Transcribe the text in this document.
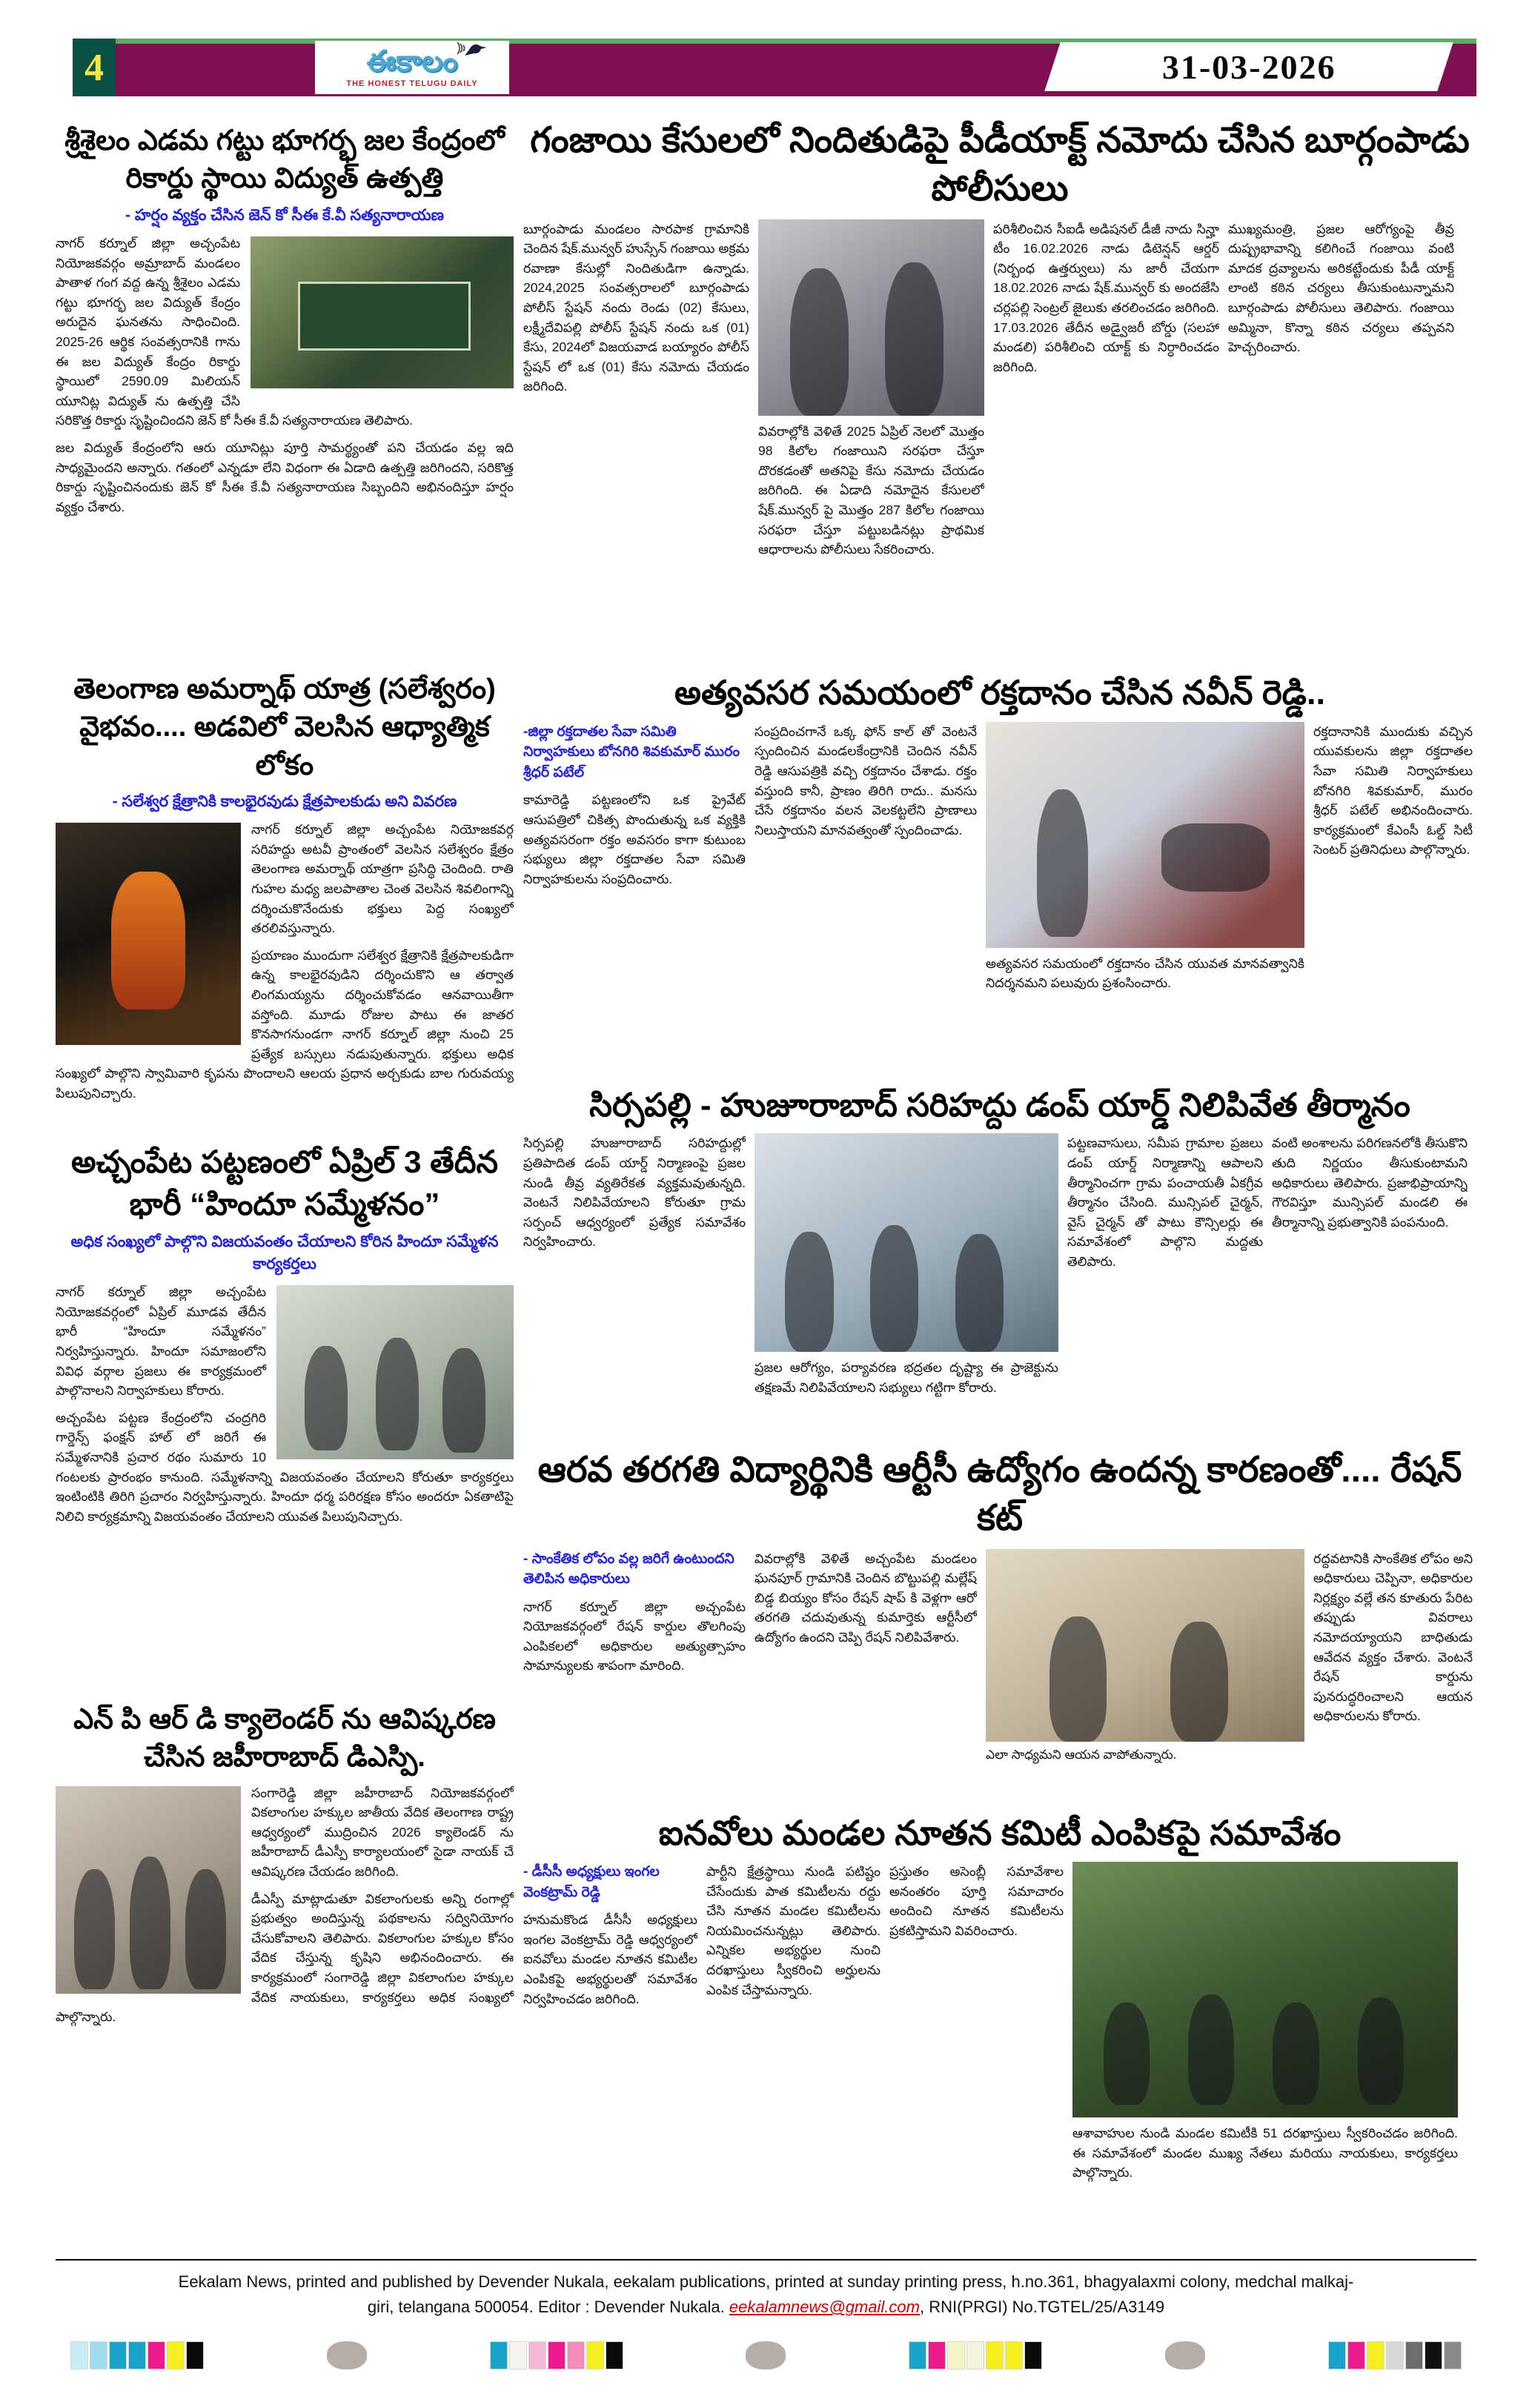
4	ఈకాలం
THE HONEST TELUGU DAILY	31-03-2026
శ్రీశైలం ఎడమ గట్టు భూగర్భ జల కేంద్రంలో రికార్డు స్థాయి విద్యుత్ ఉత్పత్తి
- హర్షం వ్యక్తం చేసిన జెన్ కో సీఈ కే.వీ సత్యనారాయణ

నాగర్ కర్నూల్ జిల్లా అచ్చంపేట నియోజకవర్గం అమ్రాబాద్ మండలం పాతాళ గంగ వద్ద ఉన్న శ్రీశైలం ఎడమ గట్టు భూగర్భ జల విద్యుత్ కేంద్రం అరుదైన ఘనతను సాధించింది. 2025-26 ఆర్థిక సంవత్సరానికి గాను ఈ జల విద్యుత్ కేంద్రం రికార్డు స్థాయిలో 2590.09 మిలియన్ యూనిట్ల విద్యుత్ ను ఉత్పత్తి చేసి సరికొత్త రికార్డు సృష్టించిందని జెన్ కో సీఈ కే.వీ సత్యనారాయణ తెలిపారు.

జల విద్యుత్ కేంద్రంలోని ఆరు యూనిట్లు పూర్తి సామర్థ్యంతో పని చేయడం వల్ల ఇది సాధ్యమైందని అన్నారు. గతంలో ఎన్నడూ లేని విధంగా ఈ ఏడాది ఉత్పత్తి జరిగిందని, సరికొత్త రికార్డు సృష్టించినందుకు జెన్ కో సీఈ కే.వీ సత్యనారాయణ సిబ్బందిని అభినందిస్తూ హర్షం వ్యక్తం చేశారు.

తెలంగాణ అమర్నాథ్ యాత్ర (సలేశ్వరం) వైభవం.... అడవిలో వెలసిన ఆధ్యాత్మిక లోకం
- సలేశ్వర క్షేత్రానికి కాలభైరవుడు క్షేత్రపాలకుడు అని వివరణ

నాగర్ కర్నూల్ జిల్లా అచ్చంపేట నియోజకవర్గ సరిహద్దు అటవీ ప్రాంతంలో వెలసిన సలేశ్వరం క్షేత్రం తెలంగాణ అమర్నాథ్ యాత్రగా ప్రసిద్ధి చెందింది. రాతి గుహల మధ్య జలపాతాల చెంత వెలసిన శివలింగాన్ని దర్శించుకొనేందుకు భక్తులు పెద్ద సంఖ్యలో తరలివస్తున్నారు.

ప్రయాణం ముందుగా సలేశ్వర క్షేత్రానికి క్షేత్రపాలకుడిగా ఉన్న కాలభైరవుడిని దర్శించుకొని ఆ తర్వాత లింగమయ్యను దర్శించుకోవడం ఆనవాయితీగా వస్తోంది. మూడు రోజుల పాటు ఈ జాతర కొనసాగనుండగా నాగర్ కర్నూల్ జిల్లా నుంచి 25 ప్రత్యేక బస్సులు నడుపుతున్నారు. భక్తులు అధిక సంఖ్యలో పాల్గొని స్వామివారి కృపను పొందాలని ఆలయ ప్రధాన అర్చకుడు బాల గురువయ్య పిలుపునిచ్చారు.

అచ్చంపేట పట్టణంలో ఏప్రిల్ 3 తేదీన భారీ “హిందూ సమ్మేళనం”
అధిక సంఖ్యలో పాల్గొని విజయవంతం చేయాలని కోరిన హిందూ సమ్మేళన కార్యకర్తలు

నాగర్ కర్నూల్ జిల్లా అచ్చంపేట నియోజకవర్గంలో ఏప్రిల్ మూడవ తేదీన భారీ “హిందూ సమ్మేళనం” నిర్వహిస్తున్నారు. హిందూ సమాజంలోని వివిధ వర్గాల ప్రజలు ఈ కార్యక్రమంలో పాల్గొనాలని నిర్వాహకులు కోరారు.

అచ్చంపేట పట్టణ కేంద్రంలోని చంద్రగిరి గార్డెన్స్ ఫంక్షన్ హాల్ లో జరిగే ఈ సమ్మేళనానికి ప్రచార రథం సుమారు 10 గంటలకు ప్రారంభం కానుంది. సమ్మేళనాన్ని విజయవంతం చేయాలని కోరుతూ కార్యకర్తలు ఇంటింటికి తిరిగి ప్రచారం నిర్వహిస్తున్నారు. హిందూ ధర్మ పరిరక్షణ కోసం అందరూ ఏకతాటిపై నిలిచి కార్యక్రమాన్ని విజయవంతం చేయాలని యువత పిలుపునిచ్చారు.

ఎన్ పి ఆర్ డి క్యాలెండర్ ను ఆవిష్కరణ చేసిన జహీరాబాద్ డిఎస్పి.

సంగారెడ్డి జిల్లా జహీరాబాద్ నియోజకవర్గంలో వికలాంగుల హక్కుల జాతీయ వేదిక తెలంగాణ రాష్ట్ర ఆధ్వర్యంలో ముద్రించిన 2026 క్యాలెండర్ ను జహీరాబాద్ డీఎస్పీ కార్యాలయంలో సైడా నాయక్ చే ఆవిష్కరణ చేయడం జరిగింది.

డీఎస్పీ మాట్లాడుతూ వికలాంగులకు అన్ని రంగాల్లో ప్రభుత్వం అందిస్తున్న పథకాలను సద్వినియోగం చేసుకోవాలని తెలిపారు. వికలాంగుల హక్కుల కోసం వేదిక చేస్తున్న కృషిని అభినందించారు. ఈ కార్యక్రమంలో సంగారెడ్డి జిల్లా వికలాంగుల హక్కుల వేదిక నాయకులు, కార్యకర్తలు అధిక సంఖ్యలో పాల్గొన్నారు.

గంజాయి కేసులలో నిందితుడిపై పీడీయాక్ట్ నమోదు చేసిన బూర్గంపాడు పోలీసులు
బూర్గంపాడు మండలం సారపాక గ్రామానికి చెందిన షేక్.మున్వర్ హుస్సేన్ గంజాయి అక్రమ రవాణా కేసుల్లో నిందితుడిగా ఉన్నాడు. 2024,2025 సంవత్సరాలలో బూర్గంపాడు పోలీస్ స్టేషన్ నందు రెండు (02) కేసులు, లక్ష్మీదేవిపల్లి పోలీస్ స్టేషన్ నందు ఒక (01) కేసు, 2024లో విజయవాడ బయ్యారం పోలీస్ స్టేషన్ లో ఒక (01) కేసు నమోదు చేయడం జరిగింది.
వివరాల్లోకి వెళితే 2025 ఏప్రిల్ నెలలో మొత్తం 98 కిలోల గంజాయిని సరఫరా చేస్తూ దొరకడంతో అతనిపై కేసు నమోదు చేయడం జరిగింది. ఈ ఏడాది నమోదైన కేసులలో షేక్.మున్వర్ పై మొత్తం 287 కిలోల గంజాయి సరఫరా చేస్తూ పట్టుబడినట్లు ప్రాథమిక ఆధారాలను పోలీసులు సేకరించారు.
పరిశీలించిన సీఐడీ అడిషనల్ డీజీ నాదు సిన్హా టీం 16.02.2026 నాడు డిటెన్షన్ ఆర్డర్ (నిర్బంధ ఉత్తర్వులు) ను జారీ చేయగా 18.02.2026 నాడు షేక్.మున్వర్ కు అందజేసి చర్లపల్లి సెంట్రల్ జైలుకు తరలించడం జరిగింది. 17.03.2026 తేదీన అడ్వైజరీ బోర్డు (సలహా మండలి) పరిశీలించి యాక్ట్ కు నిర్ధారించడం జరిగింది.
ముఖ్యమంత్రి, ప్రజల ఆరోగ్యంపై తీవ్ర దుష్ప్రభావాన్ని కలిగించే గంజాయి వంటి మాదక ద్రవ్యాలను అరికట్టేందుకు పీడీ యాక్ట్ లాంటి కఠిన చర్యలు తీసుకుంటున్నామని బూర్గంపాడు పోలీసులు తెలిపారు. గంజాయి అమ్మినా, కొన్నా కఠిన చర్యలు తప్పవని హెచ్చరించారు.
అత్యవసర సమయంలో రక్తదానం చేసిన నవీన్ రెడ్డి..
-జిల్లా రక్తదాతల సేవా సమితి నిర్వాహకులు బోనగిరి శివకుమార్ మురం శ్రీధర్ పటేల్
కామారెడ్డి పట్టణంలోని ఒక ప్రైవేట్ ఆసుపత్రిలో చికిత్స పొందుతున్న ఒక వ్యక్తికి అత్యవసరంగా రక్తం అవసరం కాగా కుటుంబ సభ్యులు జిల్లా రక్తదాతల సేవా సమితి నిర్వాహకులను సంప్రదించారు.
సంప్రదించగానే ఒక్క ఫోన్ కాల్ తో వెంటనే స్పందించిన మండలకేంద్రానికి చెందిన నవీన్ రెడ్డి ఆసుపత్రికి వచ్చి రక్తదానం చేశాడు. రక్తం వస్తుంది కానీ, ప్రాణం తిరిగి రాదు.. మనసు చేసే రక్తదానం వలన వెలకట్టలేని ప్రాణాలు నిలుస్తాయని మానవత్వంతో స్పందించాడు.
అత్యవసర సమయంలో రక్తదానం చేసిన యువత మానవత్వానికి నిదర్శనమని పలువురు ప్రశంసించారు.
రక్తదానానికి ముందుకు వచ్చిన యువకులను జిల్లా రక్తదాతల సేవా సమితి నిర్వాహకులు బోనగిరి శివకుమార్, మురం శ్రీధర్ పటేల్ అభినందించారు. కార్యక్రమంలో కేఎంసీ ఓల్డ్ సిటీ సెంటర్ ప్రతినిధులు పాల్గొన్నారు.
సిర్సపల్లి - హుజూరాబాద్ సరిహద్దు డంప్ యార్డ్ నిలిపివేత తీర్మానం
సిర్సపల్లి హుజూరాబాద్ సరిహద్దుల్లో ప్రతిపాదిత డంప్ యార్డ్ నిర్మాణంపై ప్రజల నుండి తీవ్ర వ్యతిరేకత వ్యక్తమవుతున్నది. వెంటనే నిలిపివేయాలని కోరుతూ గ్రామ సర్పంచ్ ఆధ్వర్యంలో ప్రత్యేక సమావేశం నిర్వహించారు.
ప్రజల ఆరోగ్యం, పర్యావరణ భద్రతల దృష్ట్యా ఈ ప్రాజెక్టును తక్షణమే నిలిపివేయాలని సభ్యులు గట్టిగా కోరారు.
పట్టణవాసులు, సమీప గ్రామాల ప్రజలు డంప్ యార్డ్ నిర్మాణాన్ని ఆపాలని తీర్మానించగా గ్రామ పంచాయతీ ఏకగ్రీవ తీర్మానం చేసింది. మున్సిపల్ చైర్మన్, వైస్ చైర్మన్ తో పాటు కౌన్సిలర్లు ఈ సమావేశంలో పాల్గొని మద్దతు తెలిపారు.
వంటి అంశాలను పరిగణనలోకి తీసుకొని తుది నిర్ణయం తీసుకుంటామని అధికారులు తెలిపారు. ప్రజాభిప్రాయాన్ని గౌరవిస్తూ మున్సిపల్ మండలి ఈ తీర్మానాన్ని ప్రభుత్వానికి పంపనుంది.
ఆరవ తరగతి విద్యార్థినికి ఆర్టీసీ ఉద్యోగం ఉందన్న కారణంతో.... రేషన్ కట్
- సాంకేతిక లోపం వల్ల జరిగే ఉంటుందని తెలిపిన అధికారులు
నాగర్ కర్నూల్ జిల్లా అచ్చంపేట నియోజకవర్గంలో రేషన్ కార్డుల తొలగింపు ఎంపికలలో అధికారుల అత్యుత్సాహం సామాన్యులకు శాపంగా మారింది.
వివరాల్లోకి వెళితే అచ్చంపేట మండలం ఘనపూర్ గ్రామానికి చెందిన బొట్టుపల్లి మల్లేష్ బిడ్డ బియ్యం కోసం రేషన్ షాప్ కి వెళ్లగా ఆరో తరగతి చదువుతున్న కుమార్తెకు ఆర్టీసీలో ఉద్యోగం ఉందని చెప్పి రేషన్ నిలిపివేశారు.
ఎలా సాధ్యమని ఆయన వాపోతున్నారు.
రద్దవటానికి సాంకేతిక లోపం అని అధికారులు చెప్పినా, అధికారుల నిర్లక్ష్యం వల్లే తన కూతురు పేరిట తప్పుడు వివరాలు నమోదయ్యాయని బాధితుడు ఆవేదన వ్యక్తం చేశారు. వెంటనే రేషన్ కార్డును పునరుద్ధరించాలని ఆయన అధికారులను కోరారు.
ఐనవోలు మండల నూతన కమిటీ ఎంపికపై సమావేశం
- డీసీసీ అధ్యక్షులు ఇంగల వెంకట్రామ్ రెడ్డి
హనుమకొండ డీసీసీ అధ్యక్షులు ఇంగల వెంకట్రామ్ రెడ్డి ఆధ్వర్యంలో ఐనవోలు మండల నూతన కమిటీల ఎంపికపై అభ్యర్థులతో సమావేశం నిర్వహించడం జరిగింది.
పార్టీని క్షేత్రస్థాయి నుండి పటిష్టం చేసేందుకు పాత కమిటీలను రద్దు చేసి నూతన మండల కమిటీలను నియమించనున్నట్లు తెలిపారు. ఎన్నికల అభ్యర్థుల నుంచి దరఖాస్తులు స్వీకరించి అర్హులను ఎంపిక చేస్తామన్నారు.
ప్రస్తుతం అసెంబ్లీ సమావేశాల అనంతరం పూర్తి సమాచారం అందించి నూతన కమిటీలను ప్రకటిస్తామని వివరించారు.
ఆశావాహుల నుండి మండల కమిటీకి 51 దరఖాస్తులు స్వీకరించడం జరిగింది. ఈ సమావేశంలో మండల ముఖ్య నేతలు మరియు నాయకులు, కార్యకర్తలు పాల్గొన్నారు.
Eekalam News, printed and published by Devender Nukala, eekalam publications, printed at sunday printing press, h.no.361, bhagyalaxmi colony, medchal malkaj-
giri, telangana 500054. Editor : Devender Nukala. eekalamnews@gmail.com, RNI(PRGI) No.TGTEL/25/A3149
